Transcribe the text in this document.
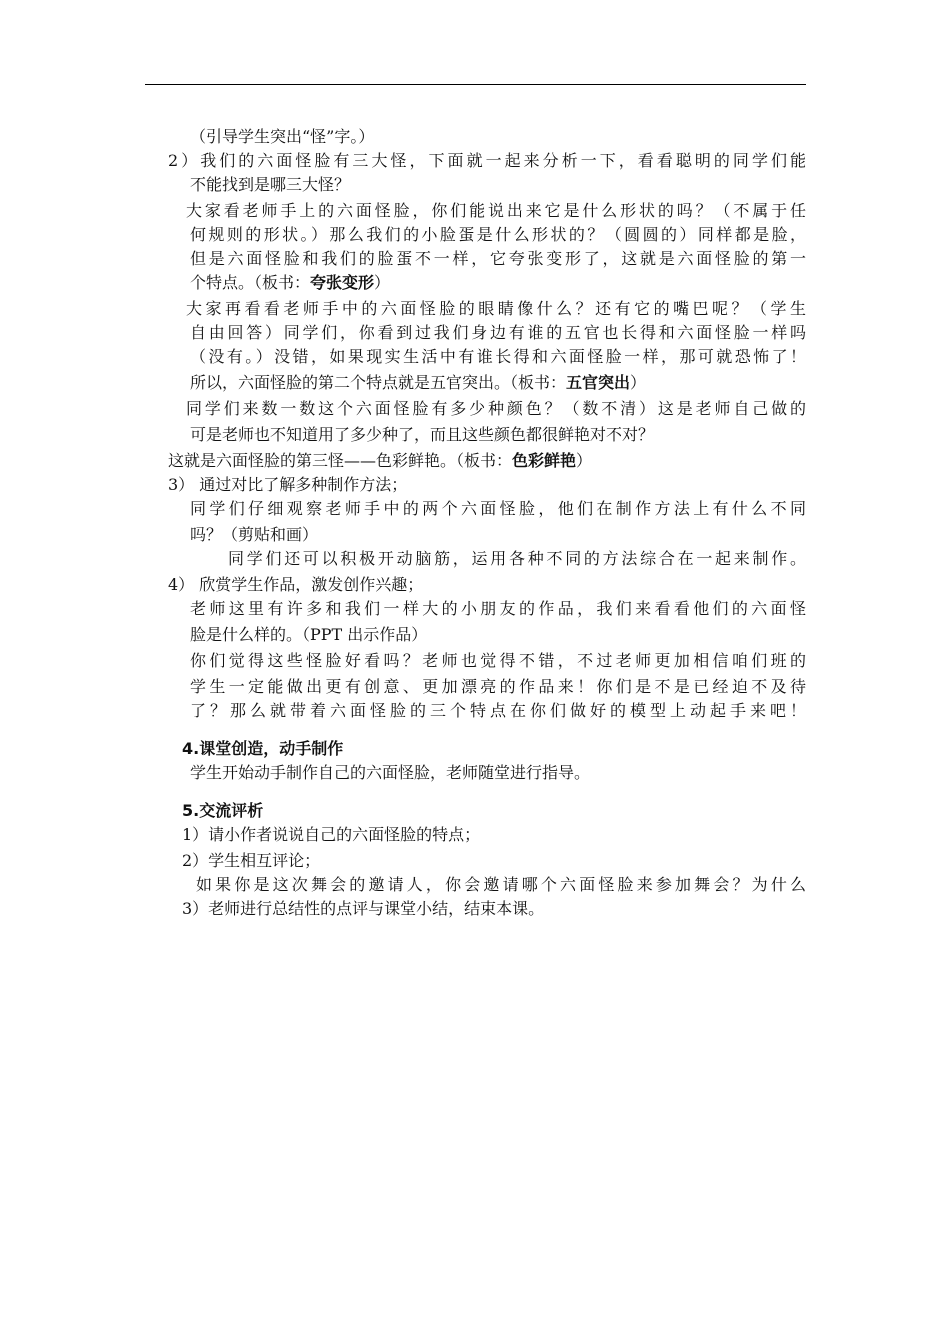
（引导学生突出“怪”字。）
2）我们的六面怪脸有三大怪，下面就一起来分析一下，看看聪明的同学们能
不能找到是哪三大怪？
大家看老师手上的六面怪脸，你们能说出来它是什么形状的吗？（不属于任
何规则的形状。）那么我们的小脸蛋是什么形状的？（圆圆的）同样都是脸，
但是六面怪脸和我们的脸蛋不一样，它夸张变形了，这就是六面怪脸的第一
个特点。（板书：夸张变形）
大家再看看老师手中的六面怪脸的眼睛像什么？还有它的嘴巴呢？（学生
自由回答）同学们，你看到过我们身边有谁的五官也长得和六面怪脸一样吗
（没有。）没错，如果现实生活中有谁长得和六面怪脸一样，那可就恐怖了！
所以，六面怪脸的第二个特点就是五官突出。（板书：五官突出）
同学们来数一数这个六面怪脸有多少种颜色？（数不清）这是老师自己做的
可是老师也不知道用了多少种了，而且这些颜色都很鲜艳对不对？
这就是六面怪脸的第三怪——色彩鲜艳。（板书：色彩鲜艳）
3） 通过对比了解多种制作方法；
同学们仔细观察老师手中的两个六面怪脸，他们在制作方法上有什么不同
吗？（剪贴和画）
同学们还可以积极开动脑筋，运用各种不同的方法综合在一起来制作。
4） 欣赏学生作品，激发创作兴趣；
老师这里有许多和我们一样大的小朋友的作品，我们来看看他们的六面怪
脸是什么样的。（PPT 出示作品）
你们觉得这些怪脸好看吗？老师也觉得不错，不过老师更加相信咱们班的
学生一定能做出更有创意、更加漂亮的作品来！你们是不是已经迫不及待
了？那么就带着六面怪脸的三个特点在你们做好的模型上动起手来吧！
4.课堂创造，动手制作
学生开始动手制作自己的六面怪脸，老师随堂进行指导。
5.交流评析
1）请小作者说说自己的六面怪脸的特点；
2）学生相互评论；
如果你是这次舞会的邀请人，你会邀请哪个六面怪脸来参加舞会？为什么
3）老师进行总结性的点评与课堂小结，结束本课。
